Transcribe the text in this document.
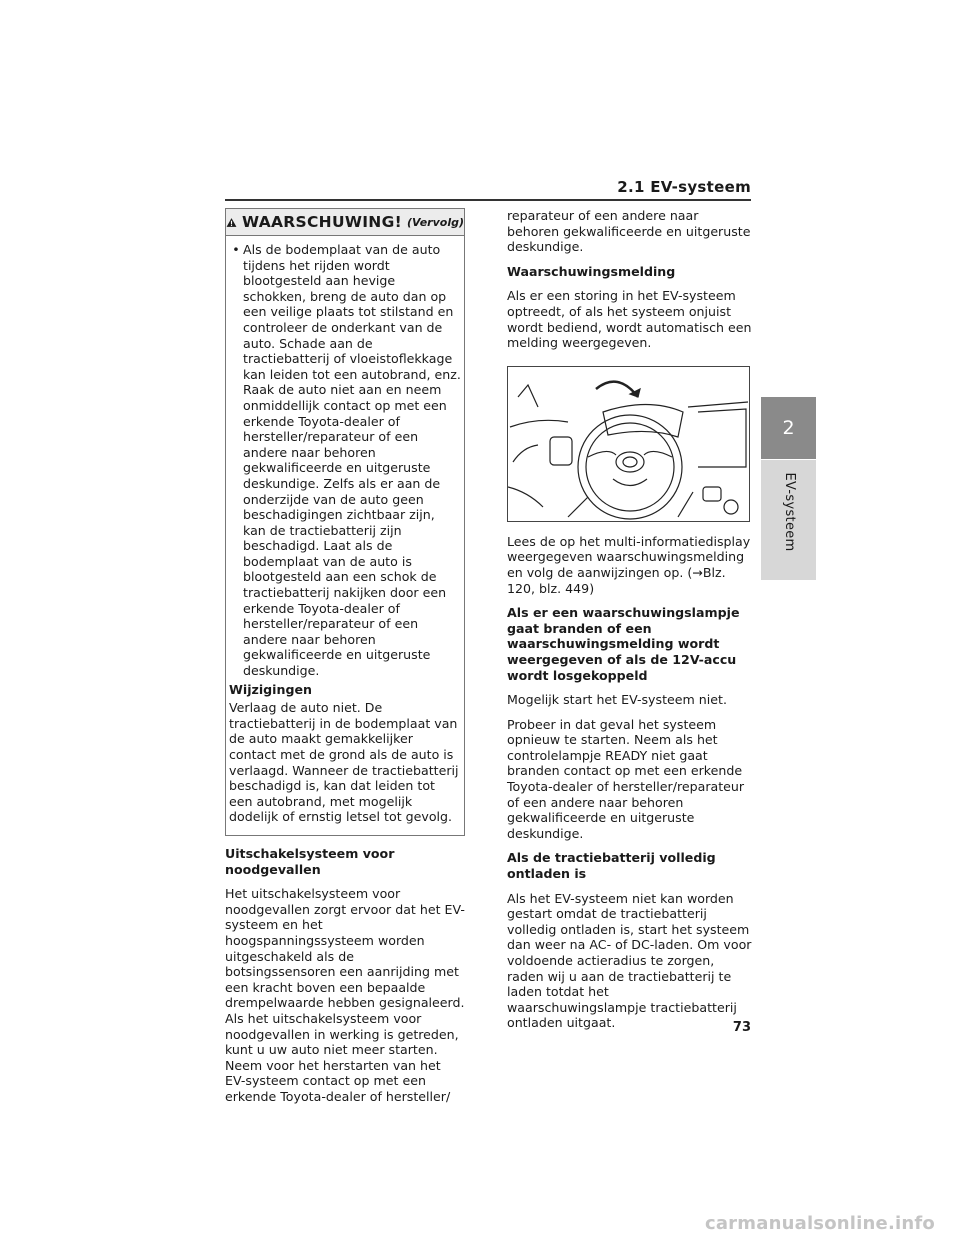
2.1 EV-systeem
2
EV-systeem
WAARSCHUWING! (Vervolg)
• Als de bodemplaat van de auto tijdens het rijden wordt blootgesteld aan hevige schokken, breng de auto dan op een veilige plaats tot stilstand en controleer de onderkant van de auto. Schade aan de tractiebatterij of vloeistoflekkage kan leiden tot een autobrand, enz. Raak de auto niet aan en neem onmiddellijk contact op met een erkende Toyota-dealer of hersteller/reparateur of een andere naar behoren gekwalificeerde en uitgeruste deskundige. Zelfs als er aan de onderzijde van de auto geen beschadigingen zichtbaar zijn, kan de tractiebatterij zijn beschadigd. Laat als de bodemplaat van de auto is blootgesteld aan een schok de tractiebatterij nakijken door een erkende Toyota-dealer of hersteller/reparateur of een andere naar behoren gekwalificeerde en uitgeruste deskundige.

Wijzigingen

Verlaag de auto niet. De tractiebatterij in de bodemplaat van de auto maakt gemakkelijker contact met de grond als de auto is verlaagd. Wanneer de tractiebatterij beschadigd is, kan dat leiden tot een autobrand, met mogelijk dodelijk of ernstig letsel tot gevolg.

Uitschakelsysteem voor noodgevallen

Het uitschakelsysteem voor noodgevallen zorgt ervoor dat het EV-systeem en het hoogspanningssysteem worden uitgeschakeld als de botsingssensoren een aanrijding met een kracht boven een bepaalde drempelwaarde hebben gesignaleerd. Als het uitschakelsysteem voor noodgevallen in werking is getreden, kunt u uw auto niet meer starten. Neem voor het herstarten van het EV-systeem contact op met een erkende Toyota-dealer of hersteller/

reparateur of een andere naar behoren gekwalificeerde en uitgeruste deskundige.

Waarschuwingsmelding

Als er een storing in het EV-systeem optreedt, of als het systeem onjuist wordt bediend, wordt automatisch een melding weergegeven.

Lees de op het multi-informatiedisplay weergegeven waarschuwingsmelding en volg de aanwijzingen op. (→Blz. 120, blz. 449)

Als er een waarschuwingslampje gaat branden of een waarschuwingsmelding wordt weergegeven of als de 12V-accu wordt losgekoppeld

Mogelijk start het EV-systeem niet.

Probeer in dat geval het systeem opnieuw te starten. Neem als het controlelampje READY niet gaat branden contact op met een erkende Toyota-dealer of hersteller/reparateur of een andere naar behoren gekwalificeerde en uitgeruste deskundige.

Als de tractiebatterij volledig ontladen is

Als het EV-systeem niet kan worden gestart omdat de tractiebatterij volledig ontladen is, start het systeem dan weer na AC- of DC-laden. Om voor voldoende actieradius te zorgen, raden wij u aan de tractiebatterij te laden totdat het waarschuwingslampje tractiebatterij ontladen uitgaat.	73
carmanualsonline.info
